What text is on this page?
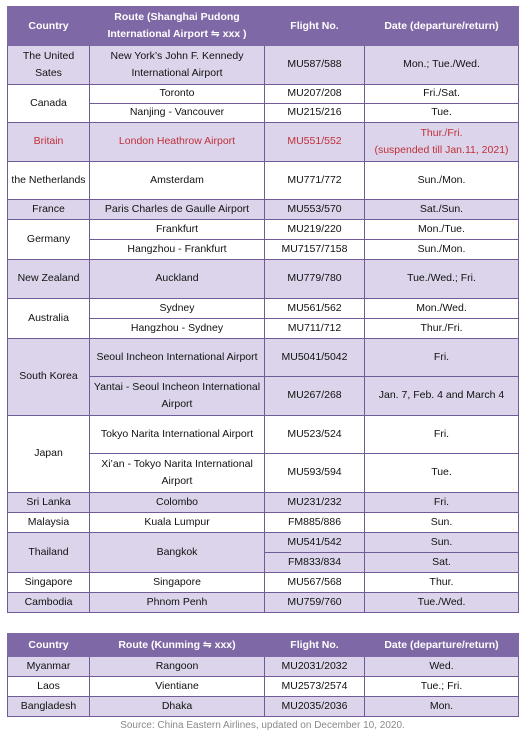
Country	Route (Shanghai Pudong International Airport ⇋ xxx )	Flight No.	Date (departure/return)
The United Sates	New York’s John F. Kennedy International Airport	MU587/588	Mon.; Tue./Wed.
Canada	Toronto	MU207/208	Fri./Sat.
	Nanjing - Vancouver	MU215/216	Tue.
Britain	London Heathrow Airport	MU551/552	Thur./Fri.
(suspended till Jan.11, 2021)

the Netherlands	Amsterdam	MU771/772	Sun./Mon.
France	Paris Charles de Gaulle Airport	MU553/570	Sat./Sun.
Germany	Frankfurt	MU219/220	Mon./Tue.
	Hangzhou - Frankfurt	MU7157/7158	Sun./Mon.
New Zealand	Auckland	MU779/780	Tue./Wed.; Fri.
Australia	Sydney	MU561/562	Mon./Wed.
	Hangzhou - Sydney	MU711/712	Thur./Fri.
South Korea	Seoul Incheon International Airport	MU5041/5042	Fri.
	Yantai - Seoul Incheon International Airport	MU267/268	Jan. 7, Feb. 4 and March 4
Japan	Tokyo Narita International Airport	MU523/524	Fri.
	Xi’an - Tokyo Narita International Airport	MU593/594	Tue.
Sri Lanka	Colombo	MU231/232	Fri.
Malaysia	Kuala Lumpur	FM885/886	Sun.
Thailand	Bangkok	MU541/542	Sun.
		FM833/834	Sat.
Singapore	Singapore	MU567/568	Thur.
Cambodia	Phnom Penh	MU759/760	Tue./Wed.
Country	Route (Kunming ⇋ xxx)	Flight No.	Date (departure/return)
Myanmar	Rangoon	MU2031/2032	Wed.
Laos	Vientiane	MU2573/2574	Tue.; Fri.
Bangladesh	Dhaka	MU2035/2036	Mon.
Source: China Eastern Airlines, updated on December 10, 2020.
